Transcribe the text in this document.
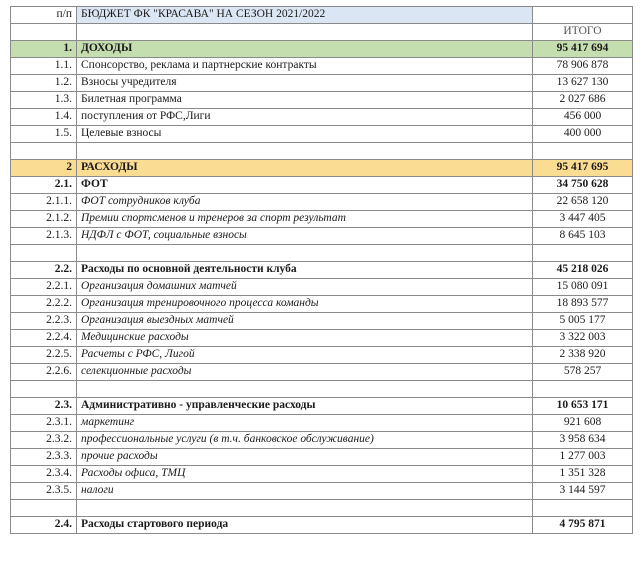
п/п	БЮДЖЕТ ФК "КРАСАВА" НА СЕЗОН 2021/2022	
		ИТОГО
1.	ДОХОДЫ	95 417 694
1.1.	Спонсорство, реклама и партнерские контракты	78 906 878
1.2.	Взносы учредителя	13 627 130
1.3.	Билетная программа	2 027 686
1.4.	поступления от РФС,Лиги	456 000
1.5.	Целевые взносы	400 000

2	РАСХОДЫ	95 417 695
2.1.	ФОТ	34 750 628
2.1.1.	ФОТ сотрудников клуба	22 658 120
2.1.2.	Премии спортсменов и тренеров за спорт результат	3 447 405
2.1.3.	НДФЛ с ФОТ, социальные взносы	8 645 103

2.2.	Расходы по основной деятельности клуба	45 218 026
2.2.1.	Организация домашних матчей	15 080 091
2.2.2.	Организация тренировочного процесса команды	18 893 577
2.2.3.	Организация выездных матчей	5 005 177
2.2.4.	Медицинские расходы	3 322 003
2.2.5.	Расчеты с РФС, Лигой	2 338 920
2.2.6.	селекционные расходы	578 257

2.3.	Административно - управленческие расходы	10 653 171
2.3.1.	маркетинг	921 608
2.3.2.	профессиональные услуги (в т.ч. банковское обслуживание)	3 958 634
2.3.3.	прочие расходы	1 277 003
2.3.4.	Расходы офиса, ТМЦ	1 351 328
2.3.5.	налоги	3 144 597

2.4.	Расходы стартового периода	4 795 871
